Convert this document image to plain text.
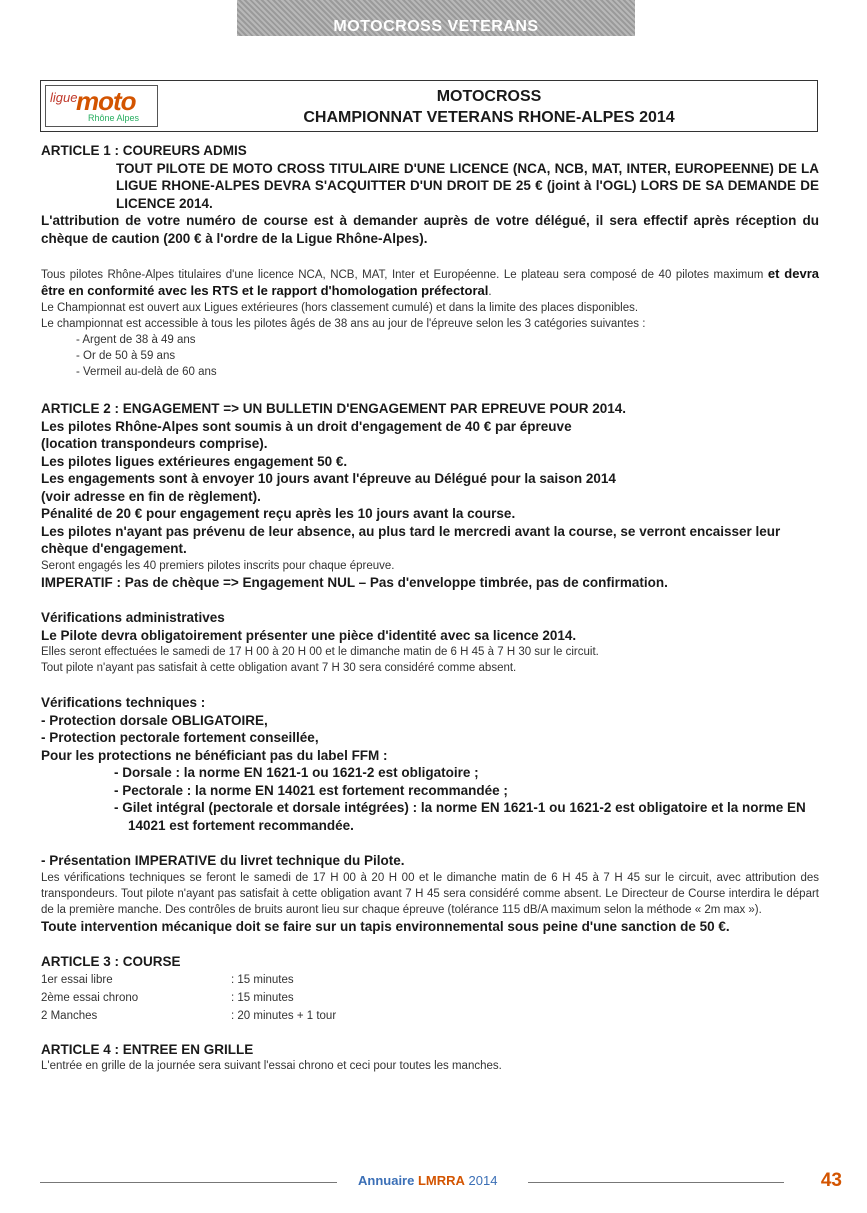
MOTOCROSS VETERANS
ligue
moto
Rhône Alpes
MOTOCROSS
CHAMPIONNAT VETERANS RHONE-ALPES 2014

ARTICLE 1 : COUREURS ADMIS

TOUT PILOTE DE MOTO CROSS TITULAIRE D'UNE LICENCE (NCA, NCB, MAT, INTER, EUROPEENNE) DE LA LIGUE RHONE-ALPES DEVRA S'ACQUITTER D'UN DROIT DE 25 € (joint à l'OGL) LORS DE SA DEMANDE DE LICENCE 2014.

L'attribution de votre numéro de course est à demander auprès de votre délégué, il sera effectif après réception du chèque de caution (200 € à l'ordre de la Ligue Rhône-Alpes).

Tous pilotes Rhône-Alpes titulaires d'une licence NCA, NCB, MAT, Inter et Européenne. Le plateau sera composé de 40 pilotes maximum et devra être en conformité avec les RTS et le rapport d'homologation préfectoral.

Le Championnat est ouvert aux Ligues extérieures (hors classement cumulé) et dans la limite des places disponibles.

Le championnat est accessible à tous les pilotes âgés de 38 ans au jour de l'épreuve selon les 3 catégories suivantes :

- Argent de 38 à 49 ans

- Or de 50 à 59 ans

- Vermeil au-delà de 60 ans

ARTICLE 2 : ENGAGEMENT => UN BULLETIN D'ENGAGEMENT PAR EPREUVE POUR 2014.

Les pilotes Rhône-Alpes sont soumis à un droit d'engagement de 40 € par épreuve

(location transpondeurs comprise).

Les pilotes ligues extérieures engagement 50 €.

Les engagements sont à envoyer 10 jours avant l'épreuve au Délégué pour la saison 2014

(voir adresse en fin de règlement).

Pénalité de 20 € pour engagement reçu après les 10 jours avant la course.

Les pilotes n'ayant pas prévenu de leur absence, au plus tard le mercredi avant la course, se verront encaisser leur chèque d'engagement.

Seront engagés les 40 premiers pilotes inscrits pour chaque épreuve.

IMPERATIF : Pas de chèque => Engagement NUL – Pas d'enveloppe timbrée, pas de confirmation.

Vérifications administratives

Le Pilote devra obligatoirement présenter une pièce d'identité avec sa licence 2014.

Elles seront effectuées le samedi de 17 H 00 à 20 H 00 et le dimanche matin de 6 H 45 à 7 H 30 sur le circuit.

Tout pilote n'ayant pas satisfait à cette obligation avant 7 H 30 sera considéré comme absent.

Vérifications techniques :

- Protection dorsale OBLIGATOIRE,

- Protection pectorale fortement conseillée,

Pour les protections ne bénéficiant pas du label FFM :

- Dorsale : la norme EN 1621-1 ou 1621-2 est obligatoire ;

- Pectorale : la norme EN 14021 est fortement recommandée ;

- Gilet intégral (pectorale et dorsale intégrées) : la norme EN 1621-1 ou 1621-2 est obligatoire et la norme EN 14021 est fortement recommandée.

- Présentation IMPERATIVE du livret technique du Pilote.

Les vérifications techniques se feront le samedi de 17 H 00 à 20 H 00 et le dimanche matin de 6 H 45 à 7 H 45 sur le circuit, avec attribution des transpondeurs. Tout pilote n'ayant pas satisfait à cette obligation avant 7 H 45 sera considéré comme absent. Le Directeur de Course interdira le départ de la première manche. Des contrôles de bruits auront lieu sur chaque épreuve (tolérance 115 dB/A maximum selon la méthode « 2m max »).

Toute intervention mécanique doit se faire sur un tapis environnemental sous peine d'une sanction de 50 €.

ARTICLE 3 : COURSE

1er essai libre	: 15 minutes
2ème essai chrono	: 15 minutes
2 Manches	: 20 minutes + 1 tour

ARTICLE 4 : ENTREE EN GRILLE

L'entrée en grille de la journée sera suivant l'essai chrono et ceci pour toutes les manches.

Annuaire LMRRA 2014	43
